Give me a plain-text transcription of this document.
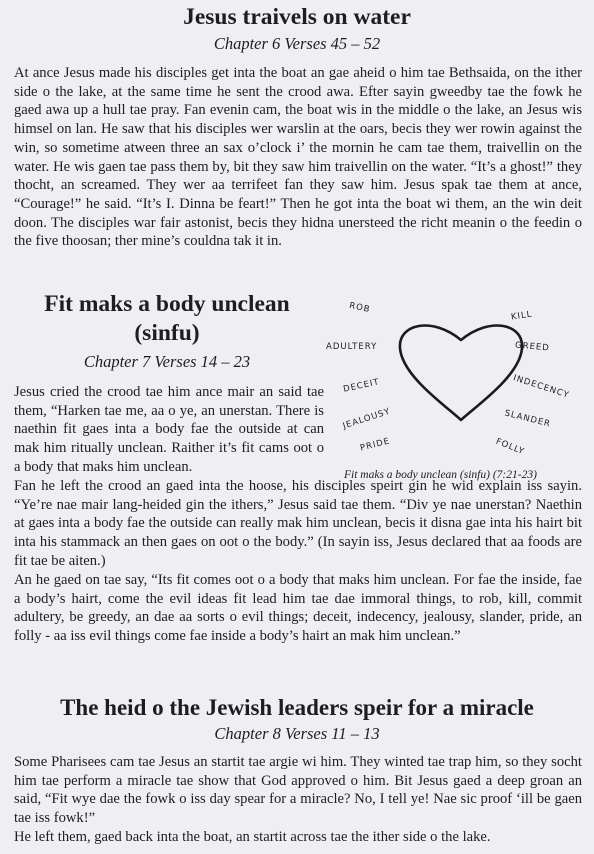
Jesus traivels on water
Chapter 6 Verses 45 – 52

At ance Jesus made his disciples get inta the boat an gae aheid o him tae Bethsaida, on the ither side o the lake, at the same time he sent the crood awa. Efter sayin gweedby tae the fowk he gaed awa up a hull tae pray. Fan evenin cam, the boat wis in the middle o the lake, an Jesus wis himsel on lan. He saw that his disciples wer warslin at the oars, becis they wer rowin against the win, so sometime atween three an sax o’clock i’ the mornin he cam tae them, traivellin on the water. He wis gaen tae pass them by, bit they saw him traivellin on the water. “It’s a ghost!” they thocht, an screamed. They wer aa terrifeet fan they saw him. Jesus spak tae them at ance, “Courage!” he said. “It’s I. Dinna be feart!” Then he got inta the boat wi them, an the win deit doon. The disciples war fair astonist, becis they hidna unersteed the richt meanin o the feedin o the five thoosan; ther mine’s couldna tak it in.

Fit maks a body unclean
(sinfu)
Chapter 7 Verses 14 – 23

Jesus cried the crood tae him ance mair an said tae them, “Harken tae me, aa o ye, an unerstan. There is naethin fit gaes inta a body fae the outside at can mak him ritually unclean. Raither it’s fit cams oot o a body that maks him unclean.

Fan he left the crood an gaed inta the hoose, his disciples speirt gin he wid explain iss sayin. “Ye’re nae mair lang-heided gin the ithers,” Jesus said tae them. “Div ye nae unerstan? Naethin at gaes inta a body fae the outside can really mak him unclean, becis it disna gae inta his hairt bit inta his stammack an then gaes on oot o the body.” (In sayin iss, Jesus declared that aa foods are fit tae be aiten.)

An he gaed on tae say, “Its fit comes oot o a body that maks him unclean. For fae the inside, fae a body’s hairt, come the evil ideas fit lead him tae dae immoral things, to rob, kill, commit adultery, be greedy, an dae aa sorts o evil things; deceit, indecency, jealousy, slander, pride, an folly - aa iss evil things come fae inside a body’s hairt an mak him unclean.”

ROB
KILL
ADULTERY	GREED
DECEIT	INDECENCY
JEALOUSY	SLANDER
PRIDE	FOLLY
Fit maks a body unclean (sinfu) (7:21-23)
The heid o the Jewish leaders speir for a miracle
Chapter 8 Verses 11 – 13

Some Pharisees cam tae Jesus an startit tae argie wi him. They winted tae trap him, so they socht him tae perform a miracle tae show that God approved o him. Bit Jesus gaed a deep groan an said, “Fit wye dae the fowk o iss day spear for a miracle? No, I tell ye! Nae sic proof ‘ill be gaen tae iss fowk!”

He left them, gaed back inta the boat, an startit across tae the ither side o the lake.
